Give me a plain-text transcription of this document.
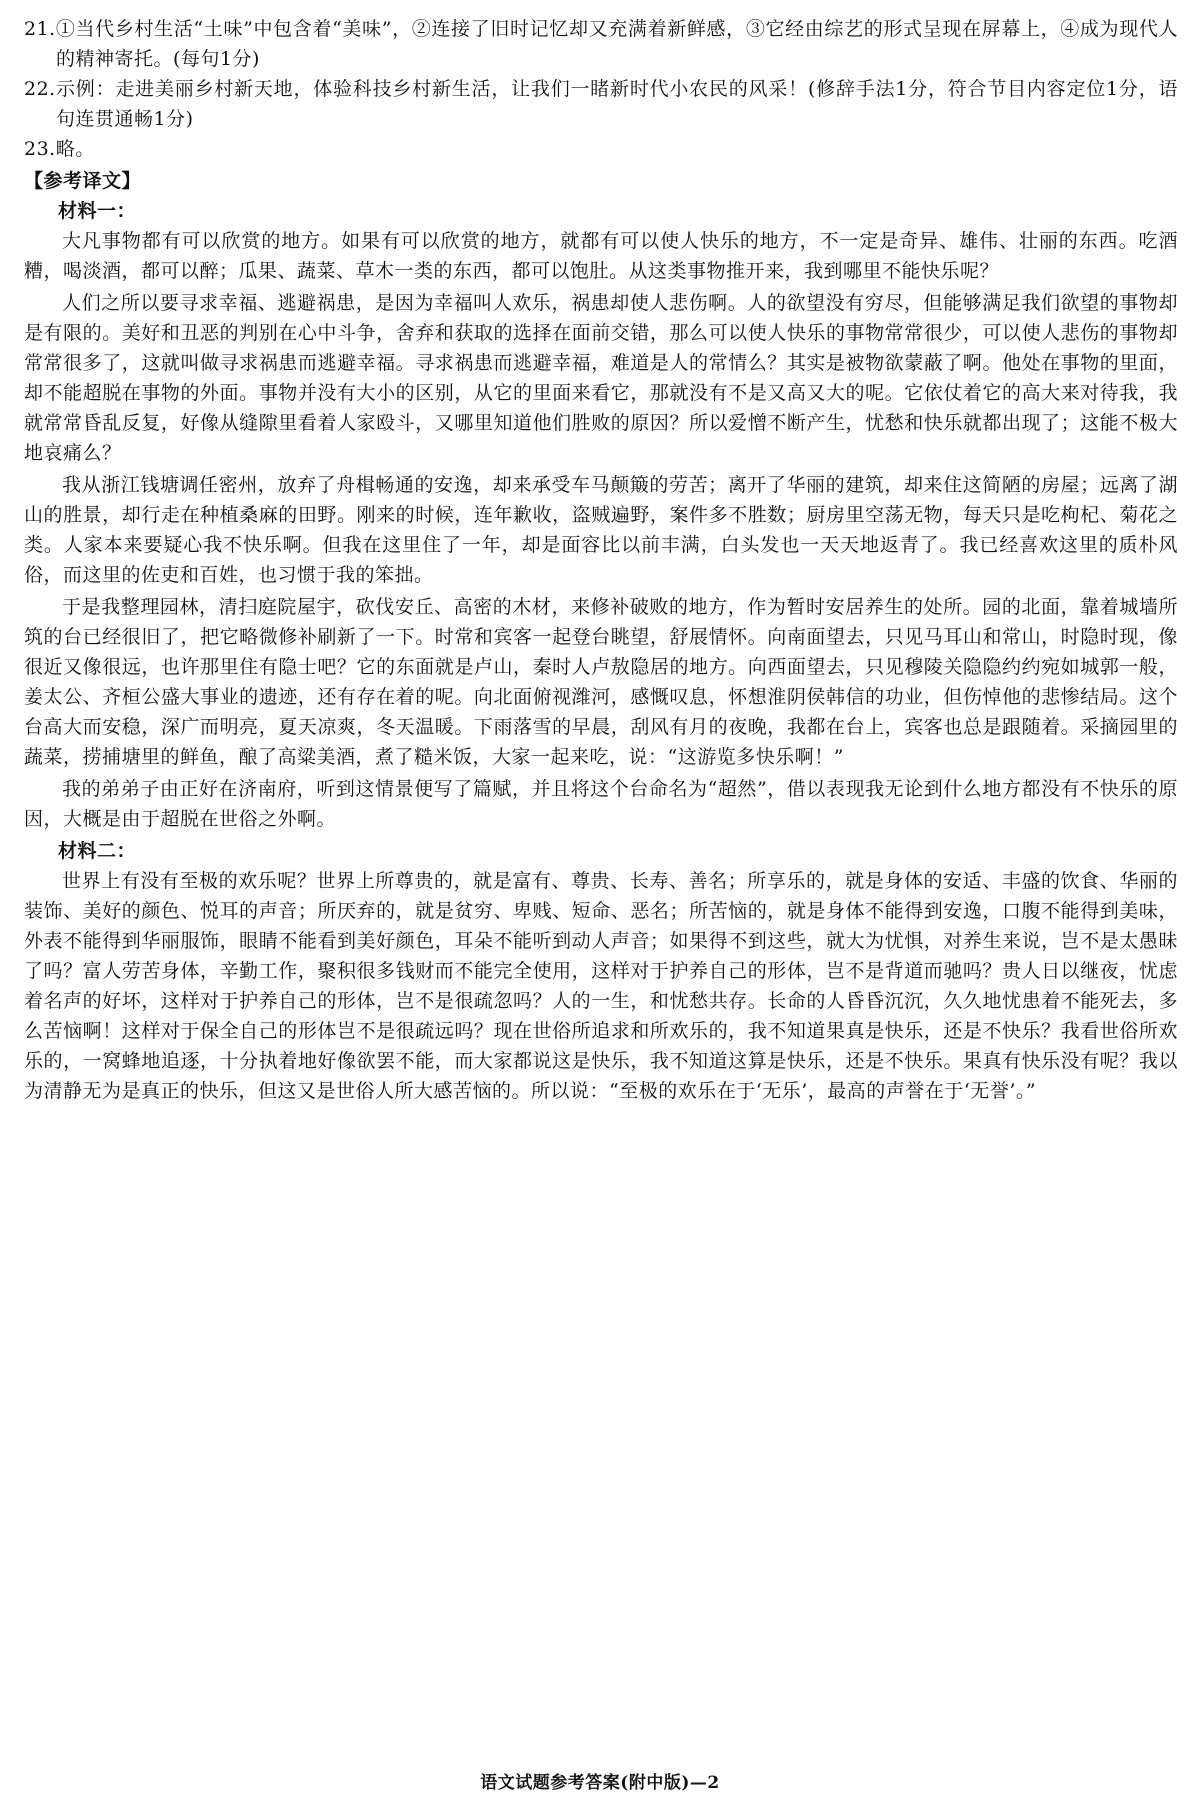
21.①当代乡村生活“土味”中包含着“美味”，②连接了旧时记忆却又充满着新鲜感，③它经由综艺的形式呈现在屏幕上，④成为现代人的精神寄托。(每句1分)

22.示例：走进美丽乡村新天地，体验科技乡村新生活，让我们一睹新时代小农民的风采！(修辞手法1分，符合节目内容定位1分，语句连贯通畅1分)

23.略。

【参考译文】

材料一：

大凡事物都有可以欣赏的地方。如果有可以欣赏的地方，就都有可以使人快乐的地方，不一定是奇异、雄伟、壮丽的东西。吃酒糟，喝淡酒，都可以醉；瓜果、蔬菜、草木一类的东西，都可以饱肚。从这类事物推开来，我到哪里不能快乐呢？

人们之所以要寻求幸福、逃避祸患，是因为幸福叫人欢乐，祸患却使人悲伤啊。人的欲望没有穷尽，但能够满足我们欲望的事物却是有限的。美好和丑恶的判别在心中斗争，舍弃和获取的选择在面前交错，那么可以使人快乐的事物常常很少，可以使人悲伤的事物却常常很多了，这就叫做寻求祸患而逃避幸福。寻求祸患而逃避幸福，难道是人的常情么？其实是被物欲蒙蔽了啊。他处在事物的里面，却不能超脱在事物的外面。事物并没有大小的区别，从它的里面来看它，那就没有不是又高又大的呢。它依仗着它的高大来对待我，我就常常昏乱反复，好像从缝隙里看着人家殴斗，又哪里知道他们胜败的原因？所以爱憎不断产生，忧愁和快乐就都出现了；这能不极大地哀痛么？

我从浙江钱塘调任密州，放弃了舟楫畅通的安逸，却来承受车马颠簸的劳苦；离开了华丽的建筑，却来住这简陋的房屋；远离了湖山的胜景，却行走在种植桑麻的田野。刚来的时候，连年歉收，盗贼遍野，案件多不胜数；厨房里空荡无物，每天只是吃枸杞、菊花之类。人家本来要疑心我不快乐啊。但我在这里住了一年，却是面容比以前丰满，白头发也一天天地返青了。我已经喜欢这里的质朴风俗，而这里的佐吏和百姓，也习惯于我的笨拙。

于是我整理园林，清扫庭院屋宇，砍伐安丘、高密的木材，来修补破败的地方，作为暂时安居养生的处所。园的北面，靠着城墙所筑的台已经很旧了，把它略微修补刷新了一下。时常和宾客一起登台眺望，舒展情怀。向南面望去，只见马耳山和常山，时隐时现，像很近又像很远，也许那里住有隐士吧？它的东面就是卢山，秦时人卢敖隐居的地方。向西面望去，只见穆陵关隐隐约约宛如城郭一般，姜太公、齐桓公盛大事业的遗迹，还有存在着的呢。向北面俯视潍河，感慨叹息，怀想淮阴侯韩信的功业，但伤悼他的悲惨结局。这个台高大而安稳，深广而明亮，夏天凉爽，冬天温暖。下雨落雪的早晨，刮风有月的夜晚，我都在台上，宾客也总是跟随着。采摘园里的蔬菜，捞捕塘里的鲜鱼，酿了高粱美酒，煮了糙米饭，大家一起来吃，说：“这游览多快乐啊！”

我的弟弟子由正好在济南府，听到这情景便写了篇赋，并且将这个台命名为“超然”，借以表现我无论到什么地方都没有不快乐的原因，大概是由于超脱在世俗之外啊。

材料二：

世界上有没有至极的欢乐呢？世界上所尊贵的，就是富有、尊贵、长寿、善名；所享乐的，就是身体的安适、丰盛的饮食、华丽的装饰、美好的颜色、悦耳的声音；所厌弃的，就是贫穷、卑贱、短命、恶名；所苦恼的，就是身体不能得到安逸，口腹不能得到美味，外表不能得到华丽服饰，眼睛不能看到美好颜色，耳朵不能听到动人声音；如果得不到这些，就大为忧惧，对养生来说，岂不是太愚昧了吗？富人劳苦身体，辛勤工作，聚积很多钱财而不能完全使用，这样对于护养自己的形体，岂不是背道而驰吗？贵人日以继夜，忧虑着名声的好坏，这样对于护养自己的形体，岂不是很疏忽吗？人的一生，和忧愁共存。长命的人昏昏沉沉，久久地忧患着不能死去，多么苦恼啊！这样对于保全自己的形体岂不是很疏远吗？现在世俗所追求和所欢乐的，我不知道果真是快乐，还是不快乐？我看世俗所欢乐的，一窝蜂地追逐，十分执着地好像欲罢不能，而大家都说这是快乐，我不知道这算是快乐，还是不快乐。果真有快乐没有呢？我以为清静无为是真正的快乐，但这又是世俗人所大感苦恼的。所以说：“至极的欢乐在于‘无乐’，最高的声誉在于‘无誉’。”

语文试题参考答案(附中版)—2
